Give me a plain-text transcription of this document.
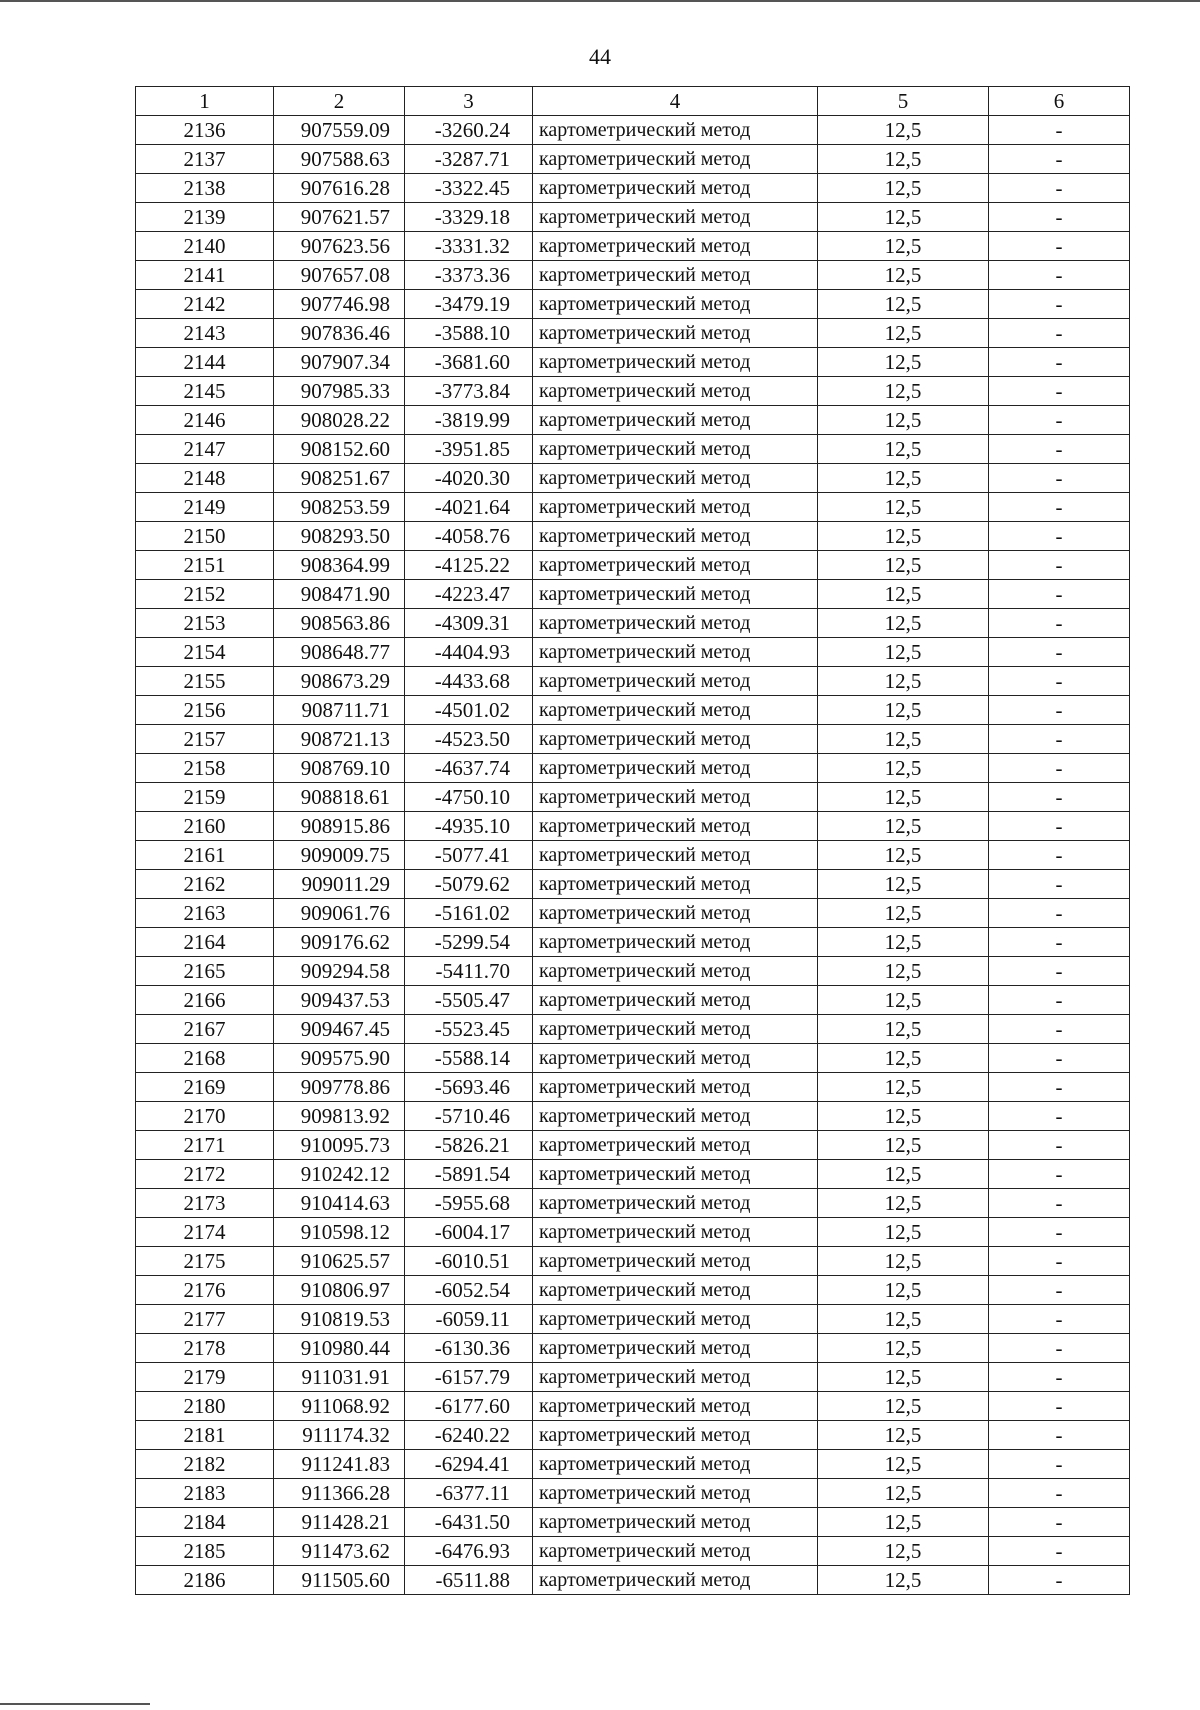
44
1	2	3	4	5	6
2136	907559.09	-3260.24	картометрический метод	12,5	-
2137	907588.63	-3287.71	картометрический метод	12,5	-
2138	907616.28	-3322.45	картометрический метод	12,5	-
2139	907621.57	-3329.18	картометрический метод	12,5	-
2140	907623.56	-3331.32	картометрический метод	12,5	-
2141	907657.08	-3373.36	картометрический метод	12,5	-
2142	907746.98	-3479.19	картометрический метод	12,5	-
2143	907836.46	-3588.10	картометрический метод	12,5	-
2144	907907.34	-3681.60	картометрический метод	12,5	-
2145	907985.33	-3773.84	картометрический метод	12,5	-
2146	908028.22	-3819.99	картометрический метод	12,5	-
2147	908152.60	-3951.85	картометрический метод	12,5	-
2148	908251.67	-4020.30	картометрический метод	12,5	-
2149	908253.59	-4021.64	картометрический метод	12,5	-
2150	908293.50	-4058.76	картометрический метод	12,5	-
2151	908364.99	-4125.22	картометрический метод	12,5	-
2152	908471.90	-4223.47	картометрический метод	12,5	-
2153	908563.86	-4309.31	картометрический метод	12,5	-
2154	908648.77	-4404.93	картометрический метод	12,5	-
2155	908673.29	-4433.68	картометрический метод	12,5	-
2156	908711.71	-4501.02	картометрический метод	12,5	-
2157	908721.13	-4523.50	картометрический метод	12,5	-
2158	908769.10	-4637.74	картометрический метод	12,5	-
2159	908818.61	-4750.10	картометрический метод	12,5	-
2160	908915.86	-4935.10	картометрический метод	12,5	-
2161	909009.75	-5077.41	картометрический метод	12,5	-
2162	909011.29	-5079.62	картометрический метод	12,5	-
2163	909061.76	-5161.02	картометрический метод	12,5	-
2164	909176.62	-5299.54	картометрический метод	12,5	-
2165	909294.58	-5411.70	картометрический метод	12,5	-
2166	909437.53	-5505.47	картометрический метод	12,5	-
2167	909467.45	-5523.45	картометрический метод	12,5	-
2168	909575.90	-5588.14	картометрический метод	12,5	-
2169	909778.86	-5693.46	картометрический метод	12,5	-
2170	909813.92	-5710.46	картометрический метод	12,5	-
2171	910095.73	-5826.21	картометрический метод	12,5	-
2172	910242.12	-5891.54	картометрический метод	12,5	-
2173	910414.63	-5955.68	картометрический метод	12,5	-
2174	910598.12	-6004.17	картометрический метод	12,5	-
2175	910625.57	-6010.51	картометрический метод	12,5	-
2176	910806.97	-6052.54	картометрический метод	12,5	-
2177	910819.53	-6059.11	картометрический метод	12,5	-
2178	910980.44	-6130.36	картометрический метод	12,5	-
2179	911031.91	-6157.79	картометрический метод	12,5	-
2180	911068.92	-6177.60	картометрический метод	12,5	-
2181	911174.32	-6240.22	картометрический метод	12,5	-
2182	911241.83	-6294.41	картометрический метод	12,5	-
2183	911366.28	-6377.11	картометрический метод	12,5	-
2184	911428.21	-6431.50	картометрический метод	12,5	-
2185	911473.62	-6476.93	картометрический метод	12,5	-
2186	911505.60	-6511.88	картометрический метод	12,5	-
